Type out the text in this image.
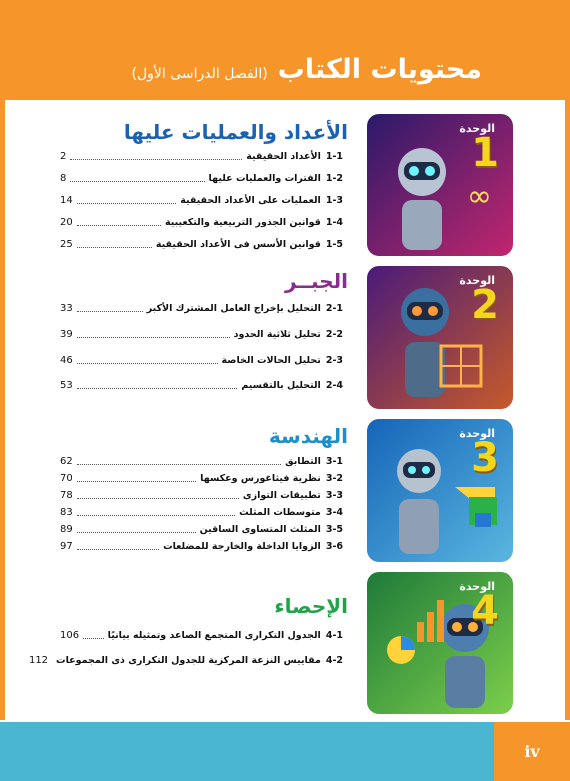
محتويات الكتاب
(الفصل الدراسى الأول)
∞
الوحدة
1
الأعداد والعمليات عليها
1-1
الأعداد الحقيقية
2
1-2
الفترات والعمليات عليها
8
1-3
العمليات على الأعداد الحقيقية
14
1-4
قوانين الجذور التربيعية والتكعيبية
20
1-5
قوانين الأسس فى الأعداد الحقيقية
25
الوحدة
2
الجبــر
2-1
التحليل بإخراج العامل المشترك الأكبر
33
2-2
تحليل ثلاثية الحدود
39
2-3
تحليل الحالات الخاصة
46
2-4
التحليل بالتقسيم
53
الوحدة
3
الهندسة
3-1
التطابق
62
3-2
نظرية فيثاغورس وعكسها
70
3-3
تطبيقات التوازى
78
3-4
متوسطات المثلث
83
3-5
المثلث المتساوى الساقين
89
3-6
الزوايا الداخلة والخارجة للمضلعات
97
الوحدة
4
الإحصاء
4-1
الجدول التكرارى المتجمع الصاعد وتمثيله بيانيًا
106
4-2
مقاييس النزعة المركزية للجدول التكرارى ذى المجموعات
112
iv
